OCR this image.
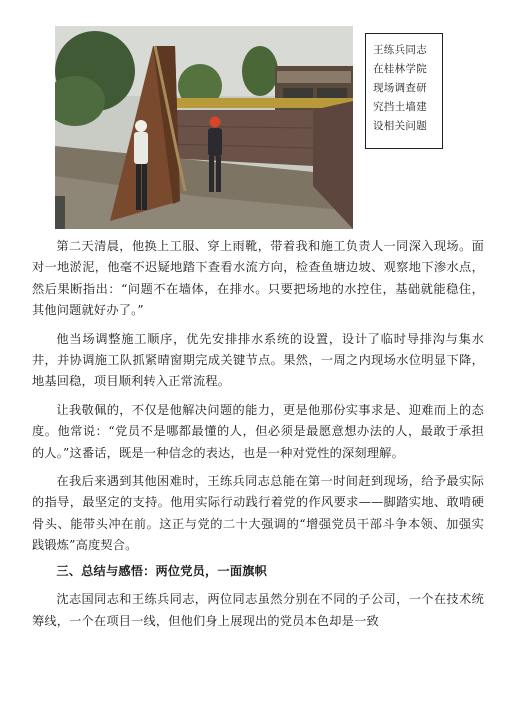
王练兵同志在桂林学院现场调查研究挡土墙建设相关问题

第二天清晨，他换上工服、穿上雨靴，带着我和施工负责人一同深入现场。面对一地淤泥，他毫不迟疑地踏下查看水流方向，检查鱼塘边坡、观察地下渗水点，然后果断指出：“问题不在墙体，在排水。只要把场地的水控住，基础就能稳住，其他问题就好办了。”

他当场调整施工顺序，优先安排排水系统的设置，设计了临时导排沟与集水井，并协调施工队抓紧晴窗期完成关键节点。果然，一周之内现场水位明显下降，地基回稳，项目顺利转入正常流程。

让我敬佩的，不仅是他解决问题的能力，更是他那份实事求是、迎难而上的态度。他常说：“党员不是哪都最懂的人，但必须是最愿意想办法的人，最敢于承担的人。”这番话，既是一种信念的表达，也是一种对党性的深刻理解。

在我后来遇到其他困难时，王练兵同志总能在第一时间赶到现场，给予最实际的指导，最坚定的支持。他用实际行动践行着党的作风要求——脚踏实地、敢啃硬骨头、能带头冲在前。这正与党的二十大强调的“增强党员干部斗争本领、加强实践锻炼”高度契合。

三、总结与感悟：两位党员，一面旗帜

沈志国同志和王练兵同志，两位同志虽然分别在不同的子公司，一个在技术统筹线，一个在项目一线，但他们身上展现出的党员本色却是一致
